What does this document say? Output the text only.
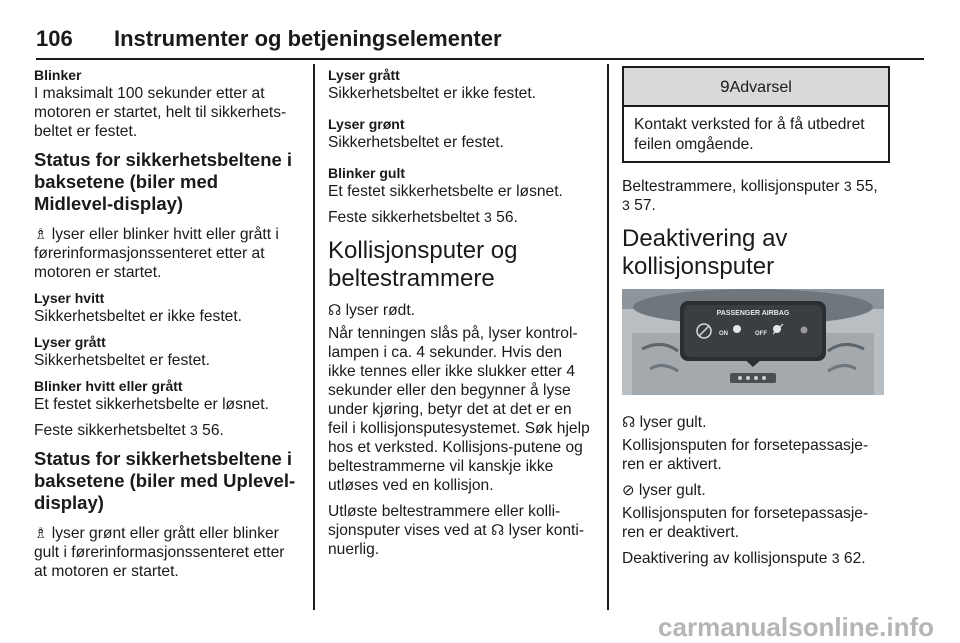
106 Instrumenter og betjeningselementer
Blinker

I maksimalt 100 sekunder etter at motoren er startet, helt til sikkerhets-beltet er festet.

Status for sikkerhetsbeltene i baksetene (biler med Midlevel-display)

♗ lyser eller blinker hvitt eller grått i førerinformasjonssenteret etter at motoren er startet.

Lyser hvitt

Sikkerhetsbeltet er ikke festet.

Lyser grått

Sikkerhetsbeltet er festet.

Blinker hvitt eller grått

Et festet sikkerhetsbelte er løsnet.

Feste sikkerhetsbeltet 3 56.

Status for sikkerhetsbeltene i baksetene (biler med Uplevel-display)

♗ lyser grønt eller grått eller blinker gult i førerinformasjonssenteret etter at motoren er startet.

Lyser grått

Sikkerhetsbeltet er ikke festet.

Lyser grønt

Sikkerhetsbeltet er festet.

Blinker gult

Et festet sikkerhetsbelte er løsnet.

Feste sikkerhetsbeltet 3 56.

Kollisjonsputer og beltestrammere

☊ lyser rødt.

Når tenningen slås på, lyser kontrol-lampen i ca. 4 sekunder. Hvis den ikke tennes eller ikke slukker etter 4 sekunder eller den begynner å lyse under kjøring, betyr det at det er en feil i kollisjonsputesystemet. Søk hjelp hos et verksted. Kollisjons-putene og beltestrammerne vil kanskje ikke utløses ved en kollisjon.

Utløste beltestrammere eller kolli-sjonsputer vises ved at ☊ lyser konti-nuerlig.

9Advarsel
Kontakt verksted for å få utbedret feilen omgående.

Beltestrammere, kollisjonsputer 3 55,
3 57.

Deaktivering av kollisjonsputer
PASSENGER AIRBAG
ON	OFF

☊ lyser gult.

Kollisjonsputen for forsetepassasje-ren er aktivert.

⊘ lyser gult.

Kollisjonsputen for forsetepassasje-ren er deaktivert.

Deaktivering av kollisjonspute 3 62.

carmanualsonline.info
